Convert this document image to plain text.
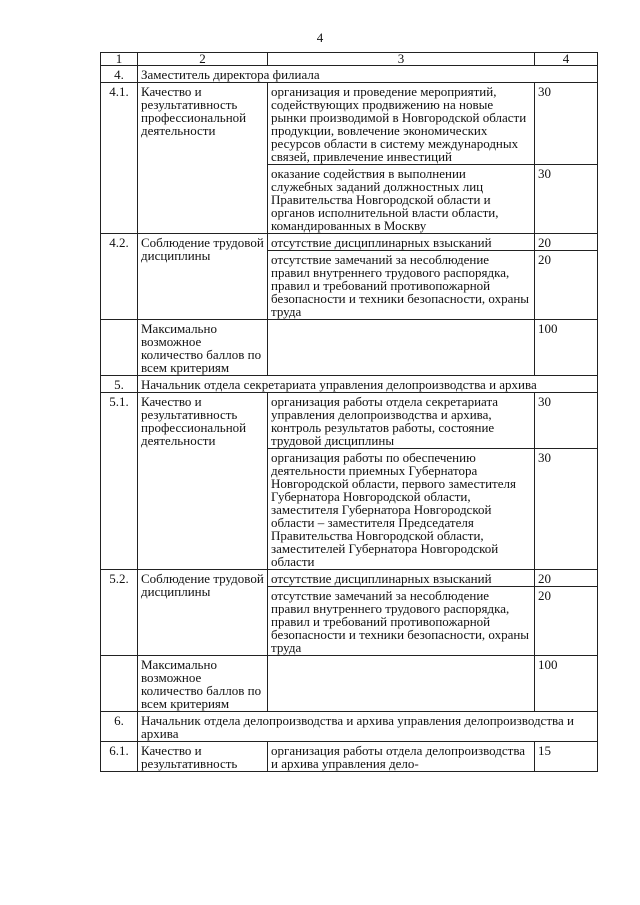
4
1	2	3	4
4.	Заместитель директора филиала		
4.1.	Качество и результативность профессиональной деятельности	организация и проведение мероприятий, содействующих продвижению на новые рынки производимой в Новгородской области продукции, вовлечение экономических ресурсов области в систему международных связей, привлечение инвестиций	30
		оказание содействия в выполнении служебных заданий должностных лиц Правительства Новгородской области и органов исполнительной власти области, командированных в Москву	30
4.2.	Соблюдение трудовой дисциплины	отсутствие дисциплинарных взысканий	20
		отсутствие замечаний за несоблюдение правил внутреннего трудового распорядка, правил и требований противопожарной безопасности и техники безопасности, охраны труда	20
	Максимально возможное количество баллов по всем критериям		100
5.	Начальник отдела секретариата управления делопроизводства и архива		
5.1.	Качество и результативность профессиональной деятельности	организация работы отдела секретариата управления делопроизводства и архива, контроль результатов работы, состояние трудовой дисциплины	30
		организация работы по обеспечению деятельности приемных Губернатора Новгородской области, первого заместителя Губернатора Новгородской области, заместителя Губернатора Новгородской области – заместителя Председателя Правительства Новгородской области, заместителей Губернатора Новгородской области	30
5.2.	Соблюдение трудовой дисциплины	отсутствие дисциплинарных взысканий	20
		отсутствие замечаний за несоблюдение правил внутреннего трудового распорядка, правил и требований противопожарной безопасности и техники безопасности, охраны труда	20
	Максимально возможное количество баллов по всем критериям		100
6.	Начальник отдела делопроизводства и архива управления делопроизводства и архива		
6.1.	Качество и результативность	организация работы отдела делопроизводства и архива управления дело-	15
